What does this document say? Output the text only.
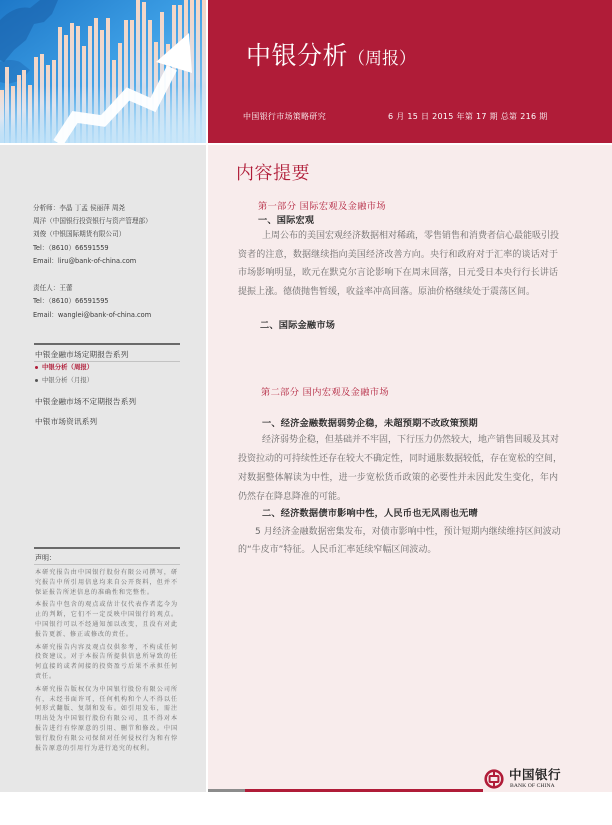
中银分析（周报）
中国银行市场策略研究	6 月 15 日 2015 年第 17 期 总第 216 期
分析师：李晶 丁孟 侯丽萍 周尧
周洋（中国银行投资银行与资产管理部）
刘俊（中银国际期货有限公司）
Tel：（8610）66591559
Email：liru@bank-of-china.com
责任人：王蕾
Tel：（8610）66591595
Email：wanglei@bank-of-china.com
中银金融市场定期报告系列
中银分析（周报）
中银分析（月报）
中银金融市场不定期报告系列
中银市场资讯系列
声明：
本研究报告由中国银行股份有限公司撰写，研
究报告中所引用信息均来自公开资料，但并不
保证报告所述信息的准确性和完整性。
本报告中包含的观点或估计仅代表作者迄今为
止的判断，它们不一定反映中国银行的观点。
中国银行可以不经通知加以改变，且没有对此
报告更新、修正或修改的责任。
本研究报告内容及观点仅供参考，不构成任何
投资建议。对于本报告所提供信息所导致的任
何直接的或者间接的投资盈亏后果不承担任何
责任。
本研究报告版权仅为中国银行股份有限公司所
有，未经书面许可，任何机构和个人不得以任
何形式翻版、复制和发布。如引用发布，需注
明出处为中国银行股份有限公司，且不得对本
报告进行有悖原意的引用、删节和修改。中国
银行股份有限公司保留对任何侵权行为和有悖
报告原意的引用行为进行追究的权利。
内容提要
第一部分 国际宏观及金融市场
一、国际宏观
上周公布的美国宏观经济数据相对稀疏，零售销售和消费者信心最能吸引投
资者的注意，数据继续指向美国经济改善方向。央行和政府对于汇率的谈话对于
市场影响明显，欧元在默克尔言论影响下在周末回落，日元受日本央行行长讲话
提振上涨。德债抛售暂缓，收益率冲高回落。原油价格继续处于震荡区间。
二、国际金融市场
第二部分 国内宏观及金融市场
一、经济金融数据弱势企稳，未超预期不改政策预期
经济弱势企稳，但基础并不牢固，下行压力仍然较大，地产销售回暖及其对
投资拉动的可持续性还存在较大不确定性，同时通胀数据较低，存在宽松的空间，
对数据整体解读为中性，进一步宽松货币政策的必要性并未因此发生变化，年内
仍然存在降息降准的可能。
二、经济数据债市影响中性，人民币也无风雨也无晴
5 月经济金融数据密集发布，对债市影响中性，预计短期内继续维持区间波动
的“牛皮市”特征。人民币汇率延续窄幅区间波动。
中国银行
BANK OF CHINA
